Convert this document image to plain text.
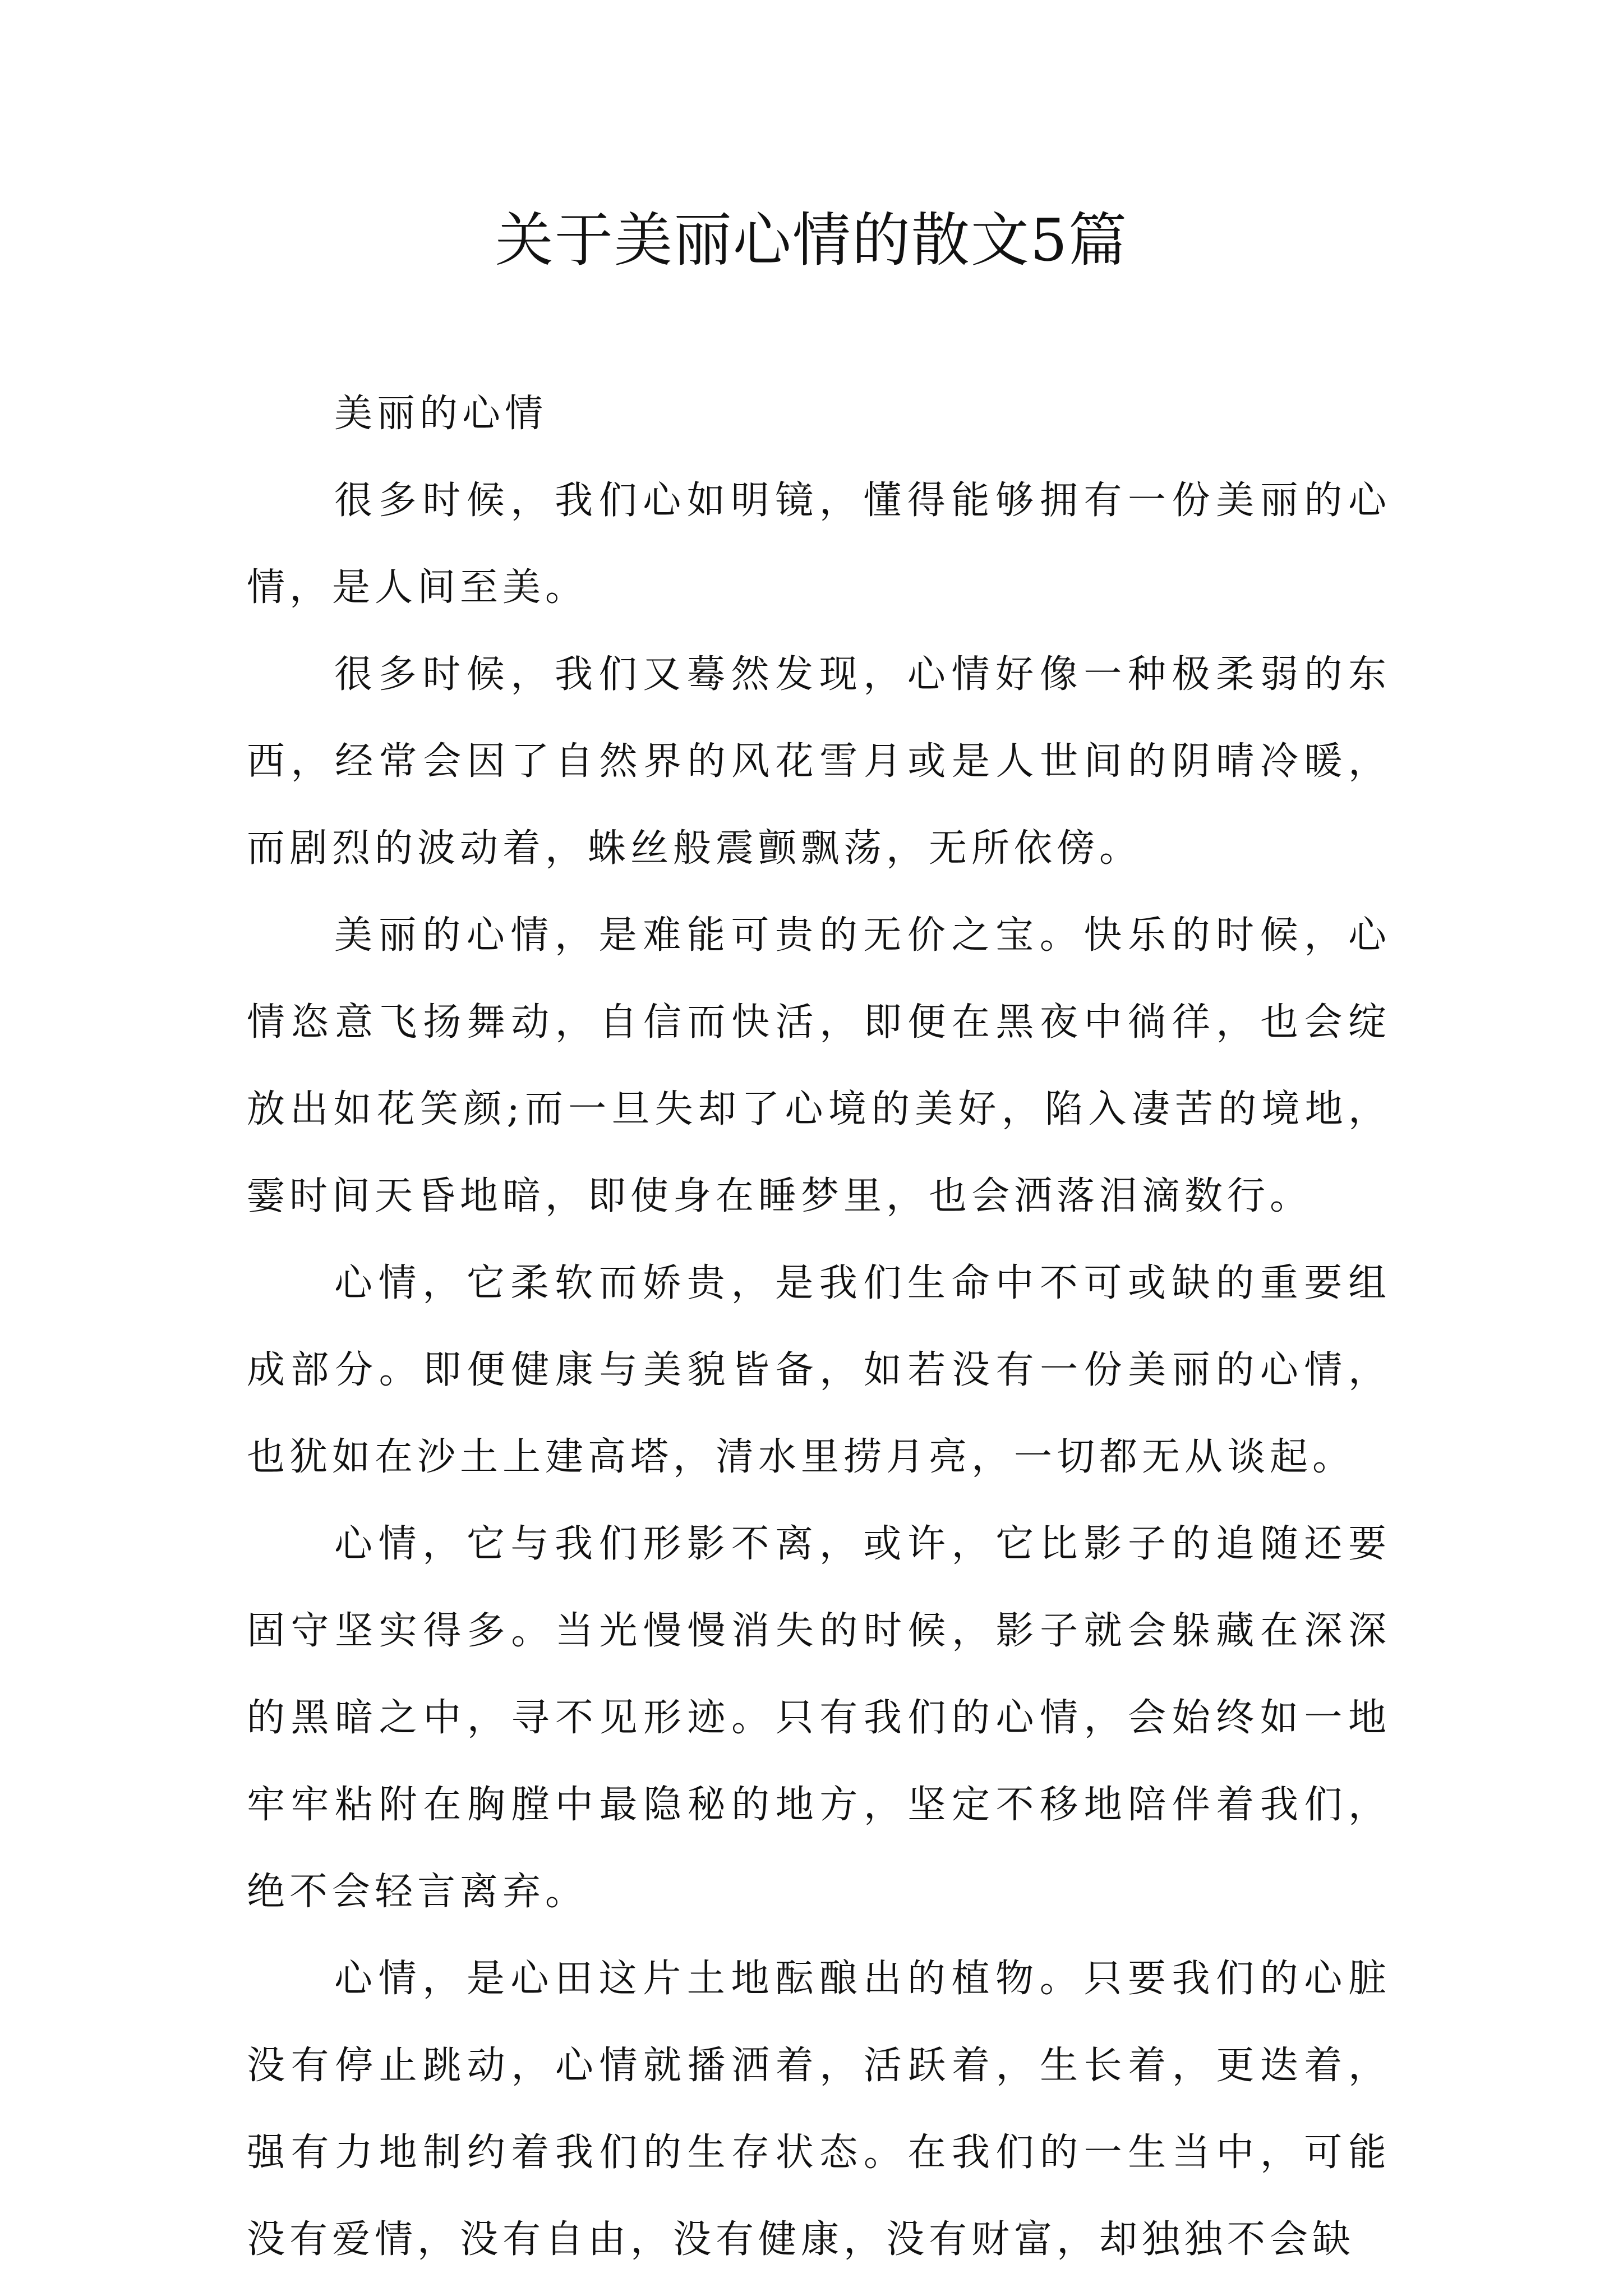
关于美丽心情的散文5篇

美丽的心情

很多时候，我们心如明镜，懂得能够拥有一份美丽的心情，是人间至美。

很多时候，我们又蓦然发现，心情好像一种极柔弱的东西，经常会因了自然界的风花雪月或是人世间的阴晴冷暖，而剧烈的波动着，蛛丝般震颤飘荡，无所依傍。

美丽的心情，是难能可贵的无价之宝。快乐的时候，心情恣意飞扬舞动，自信而快活，即便在黑夜中徜徉，也会绽放出如花笑颜;而一旦失却了心境的美好，陷入凄苦的境地，霎时间天昏地暗，即使身在睡梦里，也会洒落泪滴数行。

心情，它柔软而娇贵，是我们生命中不可或缺的重要组成部分。即便健康与美貌皆备，如若没有一份美丽的心情，也犹如在沙土上建高塔，清水里捞月亮，一切都无从谈起。

心情，它与我们形影不离，或许，它比影子的追随还要固守坚实得多。当光慢慢消失的时候，影子就会躲藏在深深的黑暗之中，寻不见形迹。只有我们的心情，会始终如一地牢牢粘附在胸膛中最隐秘的地方，坚定不移地陪伴着我们，绝不会轻言离弃。

心情，是心田这片土地酝酿出的植物。只要我们的心脏没有停止跳动，心情就播洒着，活跃着，生长着，更迭着，强有力地制约着我们的生存状态。在我们的一生当中，可能没有爱情，没有自由，没有健康，没有财富，却独独不会缺
